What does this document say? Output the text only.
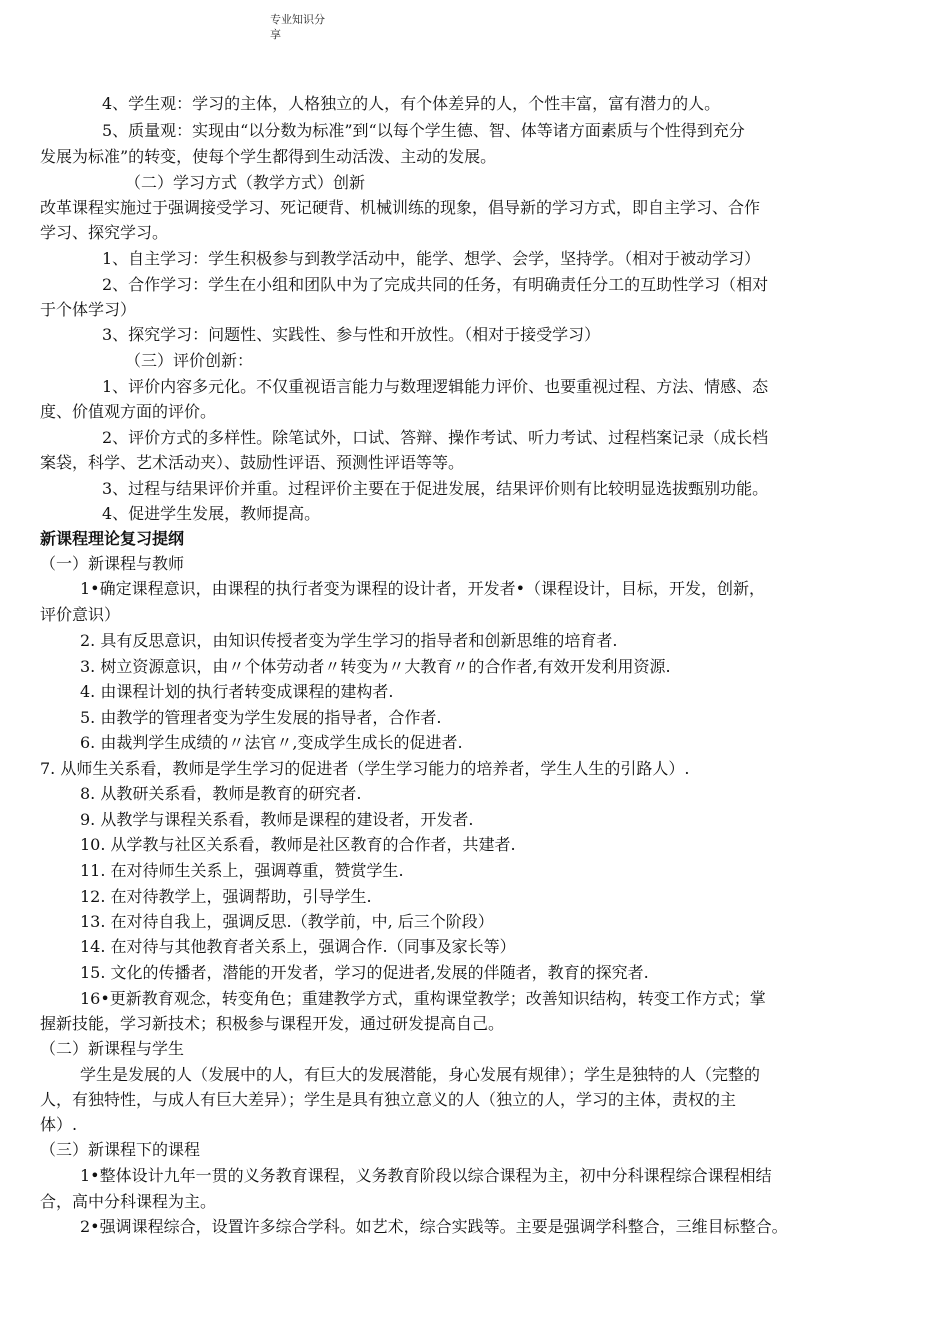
专业知识分
享
4、学生观：学习的主体，人格独立的人，有个体差异的人，个性丰富，富有潜力的人。
5、质量观：实现由“以分数为标准”到“以每个学生德、智、体等诸方面素质与个性得到充分
发展为标准”的转变，使每个学生都得到生动活泼、主动的发展。
（二）学习方式（教学方式）创新
改革课程实施过于强调接受学习、死记硬背、机械训练的现象，倡导新的学习方式，即自主学习、合作
学习、探究学习。
1、自主学习：学生积极参与到教学活动中，能学、想学、会学，坚持学。（相对于被动学习）
2、合作学习：学生在小组和团队中为了完成共同的任务，有明确责任分工的互助性学习（相对
于个体学习）
3、探究学习：问题性、实践性、参与性和开放性。（相对于接受学习）
（三）评价创新：
1、评价内容多元化。不仅重视语言能力与数理逻辑能力评价、也要重视过程、方法、情感、态
度、价值观方面的评价。
2、评价方式的多样性。除笔试外，口试、答辩、操作考试、听力考试、过程档案记录（成长档
案袋，科学、艺术活动夹）、鼓励性评语、预测性评语等等。
3、过程与结果评价并重。过程评价主要在于促进发展，结果评价则有比较明显选拔甄别功能。
4、促进学生发展，教师提高。
新课程理论复习提纲
（一）新课程与教师
1•确定课程意识，由课程的执行者变为课程的设计者，开发者•（课程设计，目标，开发，创新，
评价意识）
2. 具有反思意识，由知识传授者变为学生学习的指导者和创新思维的培育者.
3. 树立资源意识，由〃个体劳动者〃转变为〃大教育〃的合作者,有效开发利用资源.
4. 由课程计划的执行者转变成课程的建构者.
5. 由教学的管理者变为学生发展的指导者，合作者.
6. 由裁判学生成绩的〃法官〃,变成学生成长的促进者.
7. 从师生关系看，教师是学生学习的促进者（学生学习能力的培养者，学生人生的引路人）.
8. 从教研关系看，教师是教育的研究者.
9. 从教学与课程关系看，教师是课程的建设者，开发者.
10. 从学教与社区关系看，教师是社区教育的合作者，共建者.
11. 在对待师生关系上，强调尊重，赞赏学生.
12. 在对待教学上，强调帮助，引导学生.
13. 在对待自我上，强调反思.（教学前，中, 后三个阶段）
14. 在对待与其他教育者关系上，强调合作.（同事及家长等）
15. 文化的传播者，潜能的开发者，学习的促进者,发展的伴随者，教育的探究者.
16•更新教育观念，转变角色；重建教学方式，重构课堂教学；改善知识结构，转变工作方式；掌
握新技能，学习新技术；积极参与课程开发，通过研发提高自己。
（二）新课程与学生
学生是发展的人（发展中的人，有巨大的发展潜能，身心发展有规律）；学生是独特的人（完整的
人，有独特性，与成人有巨大差异）；学生是具有独立意义的人（独立的人，学习的主体，责权的主
体）.
（三）新课程下的课程
1•整体设计九年一贯的义务教育课程，义务教育阶段以综合课程为主，初中分科课程综合课程相结
合，高中分科课程为主。
2•强调课程综合，设置许多综合学科。如艺术，综合实践等。主要是强调学科整合，三维目标整合。
